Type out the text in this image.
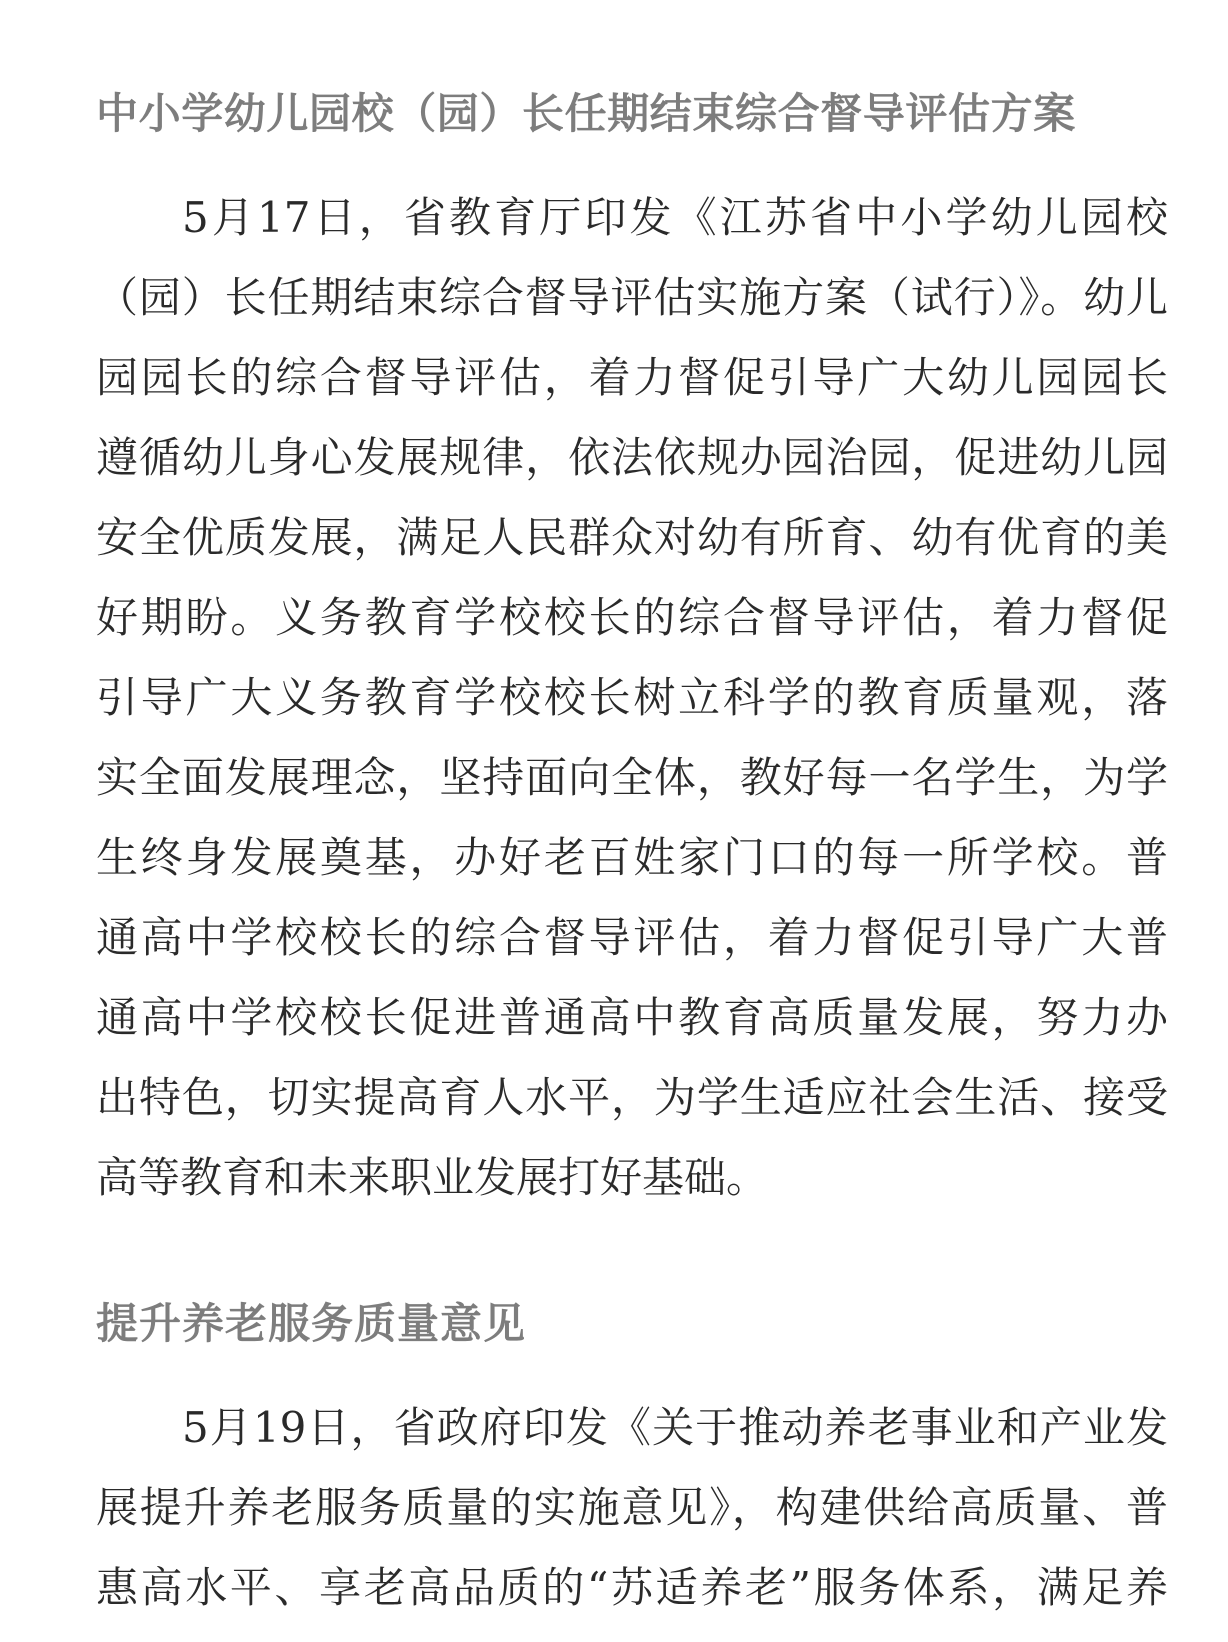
中小学幼儿园校（园）长任期结束综合督导评估方案
5月17日，省教育厅印发《江苏省中小学幼儿园校
（园）长任期结束综合督导评估实施方案（试行）》。幼儿
园园长的综合督导评估，着力督促引导广大幼儿园园长
遵循幼儿身心发展规律，依法依规办园治园，促进幼儿园
安全优质发展，满足人民群众对幼有所育、幼有优育的美
好期盼。义务教育学校校长的综合督导评估，着力督促
引导广大义务教育学校校长树立科学的教育质量观，落
实全面发展理念，坚持面向全体，教好每一名学生，为学
生终身发展奠基，办好老百姓家门口的每一所学校。普
通高中学校校长的综合督导评估，着力督促引导广大普
通高中学校校长促进普通高中教育高质量发展，努力办
出特色，切实提高育人水平，为学生适应社会生活、接受
高等教育和未来职业发展打好基础。
提升养老服务质量意见
5月19日，省政府印发《关于推动养老事业和产业发
展提升养老服务质量的实施意见》，构建供给高质量、普
惠高水平、享老高品质的“苏适养老”服务体系，满足养
